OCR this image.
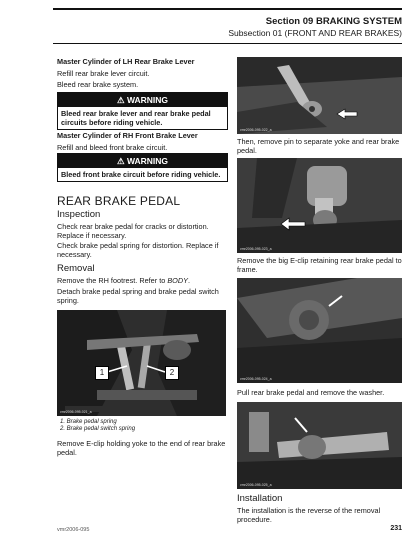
Section 09 BRAKING SYSTEM
Subsection 01 (FRONT AND REAR BRAKES)
Master Cylinder of LH Rear Brake Lever
Refill rear brake lever circuit.
Bleed rear brake system.
⚠ WARNING
Bleed rear brake lever and rear brake pedal circuits before riding vehicle.
Master Cylinder of RH Front Brake Lever
Refill and bleed front brake circuit.
⚠ WARNING
Bleed front brake circuit before riding vehicle.
REAR BRAKE PEDAL
Inspection
Check rear brake pedal for cracks or distortion. Replace if necessary.
Check brake pedal spring for distortion. Replace if necessary.
Removal
Remove the RH footrest. Refer to BODY.
Detach brake pedal spring and brake pedal switch spring.
1	2
vmr2006-095-021_a
1. Brake pedal spring
2. Brake pedal switch spring
Remove E-clip holding yoke to the end of rear brake pedal.
vmr2006-095-022_a
Then, remove pin to separate yoke and rear brake pedal.
vmr2006-095-023_a
Remove the big E-clip retaining rear brake pedal to frame.
vmr2006-095-024_a
Pull rear brake pedal and remove the washer.
vmr2006-095-025_a
Installation
The installation is the reverse of the removal procedure.
vmr2006-095	231
